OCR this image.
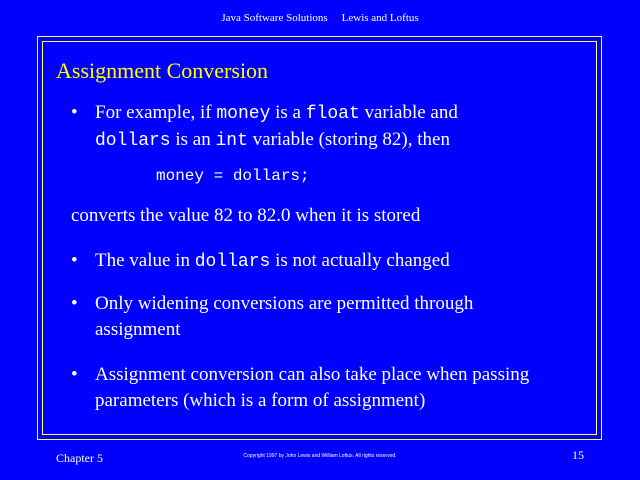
Java Software Solutions Lewis and Loftus
Assignment Conversion
• For example, if money is a float variable and
dollars is an int variable (storing 82), then
money = dollars;
converts the value 82 to 82.0 when it is stored
• The value in dollars is not actually changed
• Only widening conversions are permitted through
assignment
• Assignment conversion can also take place when passing
parameters (which is a form of assignment)
Chapter 5	Copyright 1997 by John Lewis and William Loftus. All rights reserved.	15
